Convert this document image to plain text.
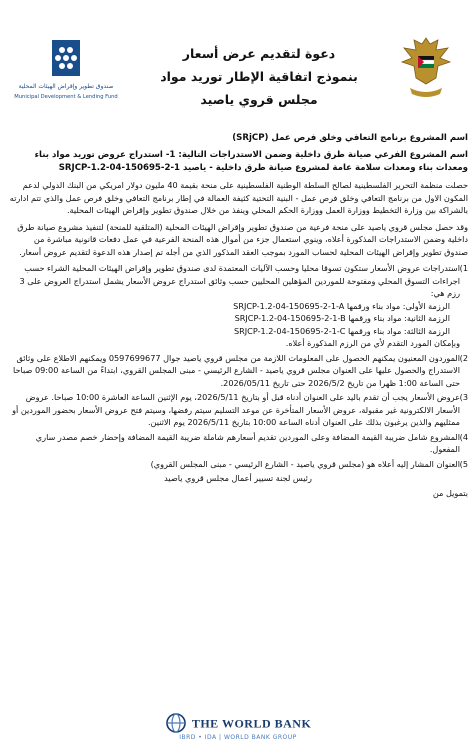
صندوق تطوير وإقراض الهيئات المحلية
Municipal Development & Lending Fund
دعوة لتقديم عرض أسعار
بنموذج اتفاقية الإطار توريد مواد
مجلس قروي ياصيد

اسم المشروع برنامج التعافي وخلق فرص عمل (SRjCP)

اسم المشروع الفرعي صيانة طرق داخلية وضمن الاستدراجات التالية: 1- استدراج عروض توريد مواد بناء ومعدات بناء ومعدات سلامة عامة لمشروع صيانة طرق داخلية - ياصيد SRJCP-1.2-04-150695-2-1

حصلت منظمة التحرير الفلسطينية لصالح السلطة الوطنية الفلسطينية على منحة بقيمة 40 مليون دولار امريكي من البنك الدولي لدعم المكون الاول من برنامج التعافي وخلق فرص عمل - البنية التحتية كثيفة العمالة في إطار برنامج التعافي وخلق فرص عمل والذي تتم ادارته بالشراكة بين وزارة التخطيط ووزارة العمل ووزارة الحكم المحلي وينفذ من خلال صندوق تطوير وإقراض الهيئات المحلية.

وقد حصل مجلس قروي ياصيد على منحة فرعية من صندوق تطوير وإقراض الهيئات المحلية (المتلقية للمنحة) لتنفيذ مشروع صيانة طرق داخلية وضمن الاستدراجات المذكورة أعلاه، وينوي استعمال جزء من أموال هذه المنحة الفرعية في عمل دفعات قانونية مباشرة من صندوق تطوير وإقراض الهيئات المحلية لحساب المورد بموجب العقد المذكور الذي من أجله تم إصدار هذه الدعوة لتقديم عروض أسعار.

1)
استدراجات عروض الأسعار ستكون تسوقا محليا وحسب الآليات المعتمدة لدى صندوق تطوير وإقراض الهيئات المحلية الشراء حسب اجراءات التسوق المحلي ومفتوحة للموردين المؤهلين المحليين حسب وثائق استدراج عروض الأسعار يشمل استدراج العروض على 3 رزم هي:

الرزمة الأولى: مواد بناء ورقمها SRJCP-1.2-04-150695-2-1-A

الرزمة الثانية: مواد بناء ورقمها SRJCP-1.2-04-150695-2-1-B

الرزمة الثالثة: مواد بناء ورقمها SRJCP-1.2-04-150695-2-1-C

وبإمكان المورد التقدم لأي من الرزم المذكورة أعلاه.
2)
الموردون المعنيون يمكنهم الحصول على المعلومات اللازمة من مجلس قروي ياصيد جوال 0597699677 ويمكنهم الاطلاع على وثائق الاستدراج والحصول عليها على العنوان مجلس قروي ياصيد - الشارع الرئيسي - مبنى المجلس القروي، ابتداءً من الساعة 09:00 صباحا حتى الساعة 1:00 ظهرا من تاريخ 2026/5/2 حتى تاريخ 2026/05/11.
3)
عروض الأسعار يجب أن تقدم باليد على العنوان أدناه قبل أو بتاريخ 2026/5/11، يوم الإثنين الساعة العاشرة 10:00 صباحا. عروض الأسعار الالكترونية غير مقبولة، عروض الأسعار المتأخرة عن موعد التسليم سيتم رفضها، وسيتم فتح عروض الأسعار بحضور الموردين أو ممثليهم والذين يرغبون بذلك على العنوان أدناه الساعة 10:00 بتاريخ 2026/5/11 يوم الاثنين.
4)
المشروع شامل ضريبة القيمة المضافة وعلى الموردين تقديم أسعارهم شاملة ضريبة القيمة المضافة وإحضار خصم مصدر ساري المفعول.
5)
العنوان المشار إليه أعلاه هو (مجلس قروي ياصيد - الشارع الرئيسي - مبنى المجلس القروي)

رئيس لجنة تسيير أعمال مجلس قروي ياصيد

بتمويل من

THE WORLD BANK
IBRD • IDA | WORLD BANK GROUP
